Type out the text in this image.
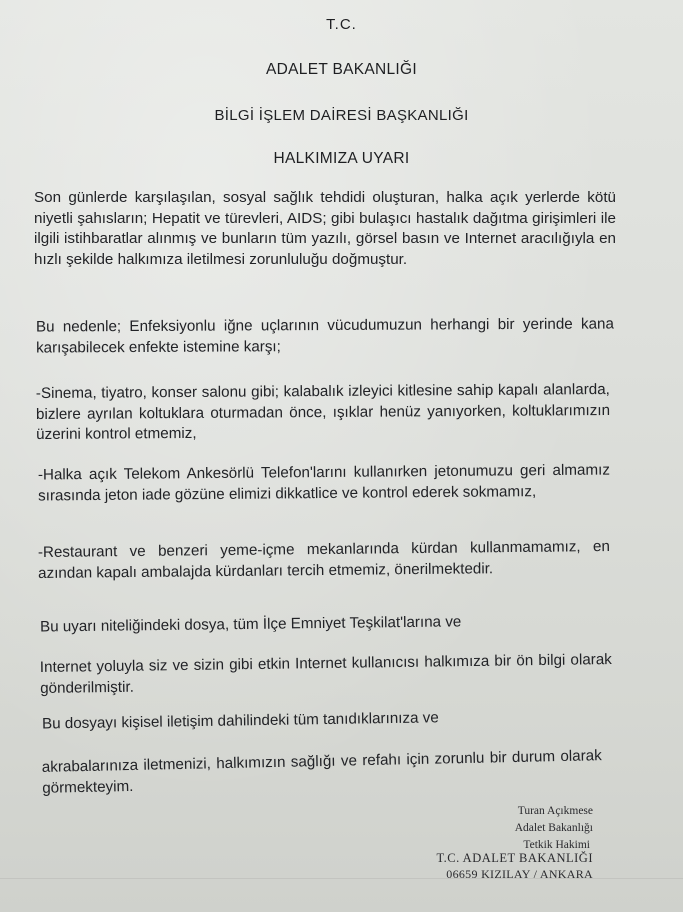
T.C.
ADALET BAKANLIĞI
BİLGİ İŞLEM DAİRESİ BAŞKANLIĞI
HALKIMIZA UYARI

Son günlerde karşılaşılan, sosyal sağlık tehdidi oluşturan, halka açık yerlerde kötü niyetli şahısların; Hepatit ve türevleri, AIDS; gibi bulaşıcı hastalık dağıtma girişimleri ile ilgili istihbaratlar alınmış ve bunların tüm yazılı, görsel basın ve Internet aracılığıyla en hızlı şekilde halkımıza iletilmesi zorunluluğu doğmuştur.

Bu nedenle; Enfeksiyonlu iğne uçlarının vücudumuzun herhangi bir yerinde kana karışabilecek enfekte istemine karşı;

-Sinema, tiyatro, konser salonu gibi; kalabalık izleyici kitlesine sahip kapalı alanlarda, bizlere ayrılan koltuklara oturmadan önce, ışıklar henüz yanıyorken, koltuklarımızın üzerini kontrol etmemiz,

-Halka açık Telekom Ankesörlü Telefon'larını kullanırken jetonumuzu geri almamız sırasında jeton iade gözüne elimizi dikkatlice ve kontrol ederek sokmamız,

-Restaurant ve benzeri yeme-içme mekanlarında kürdan kullanmamamız, en azından kapalı ambalajda kürdanları tercih etmemiz, önerilmektedir.

Bu uyarı niteliğindeki dosya, tüm İlçe Emniyet Teşkilat'larına ve

Internet yoluyla siz ve sizin gibi etkin Internet kullanıcısı halkımıza bir ön bilgi olarak gönderilmiştir.

Bu dosyayı kişisel iletişim dahilindeki tüm tanıdıklarınıza ve

akrabalarınıza iletmenizi, halkımızın sağlığı ve refahı için zorunlu bir durum olarak görmekteyim.

Turan Açıkmese
Adalet Bakanlığı
Tetkik Hakimi
T.C. ADALET BAKANLIĞI
06659 KIZILAY / ANKARA
